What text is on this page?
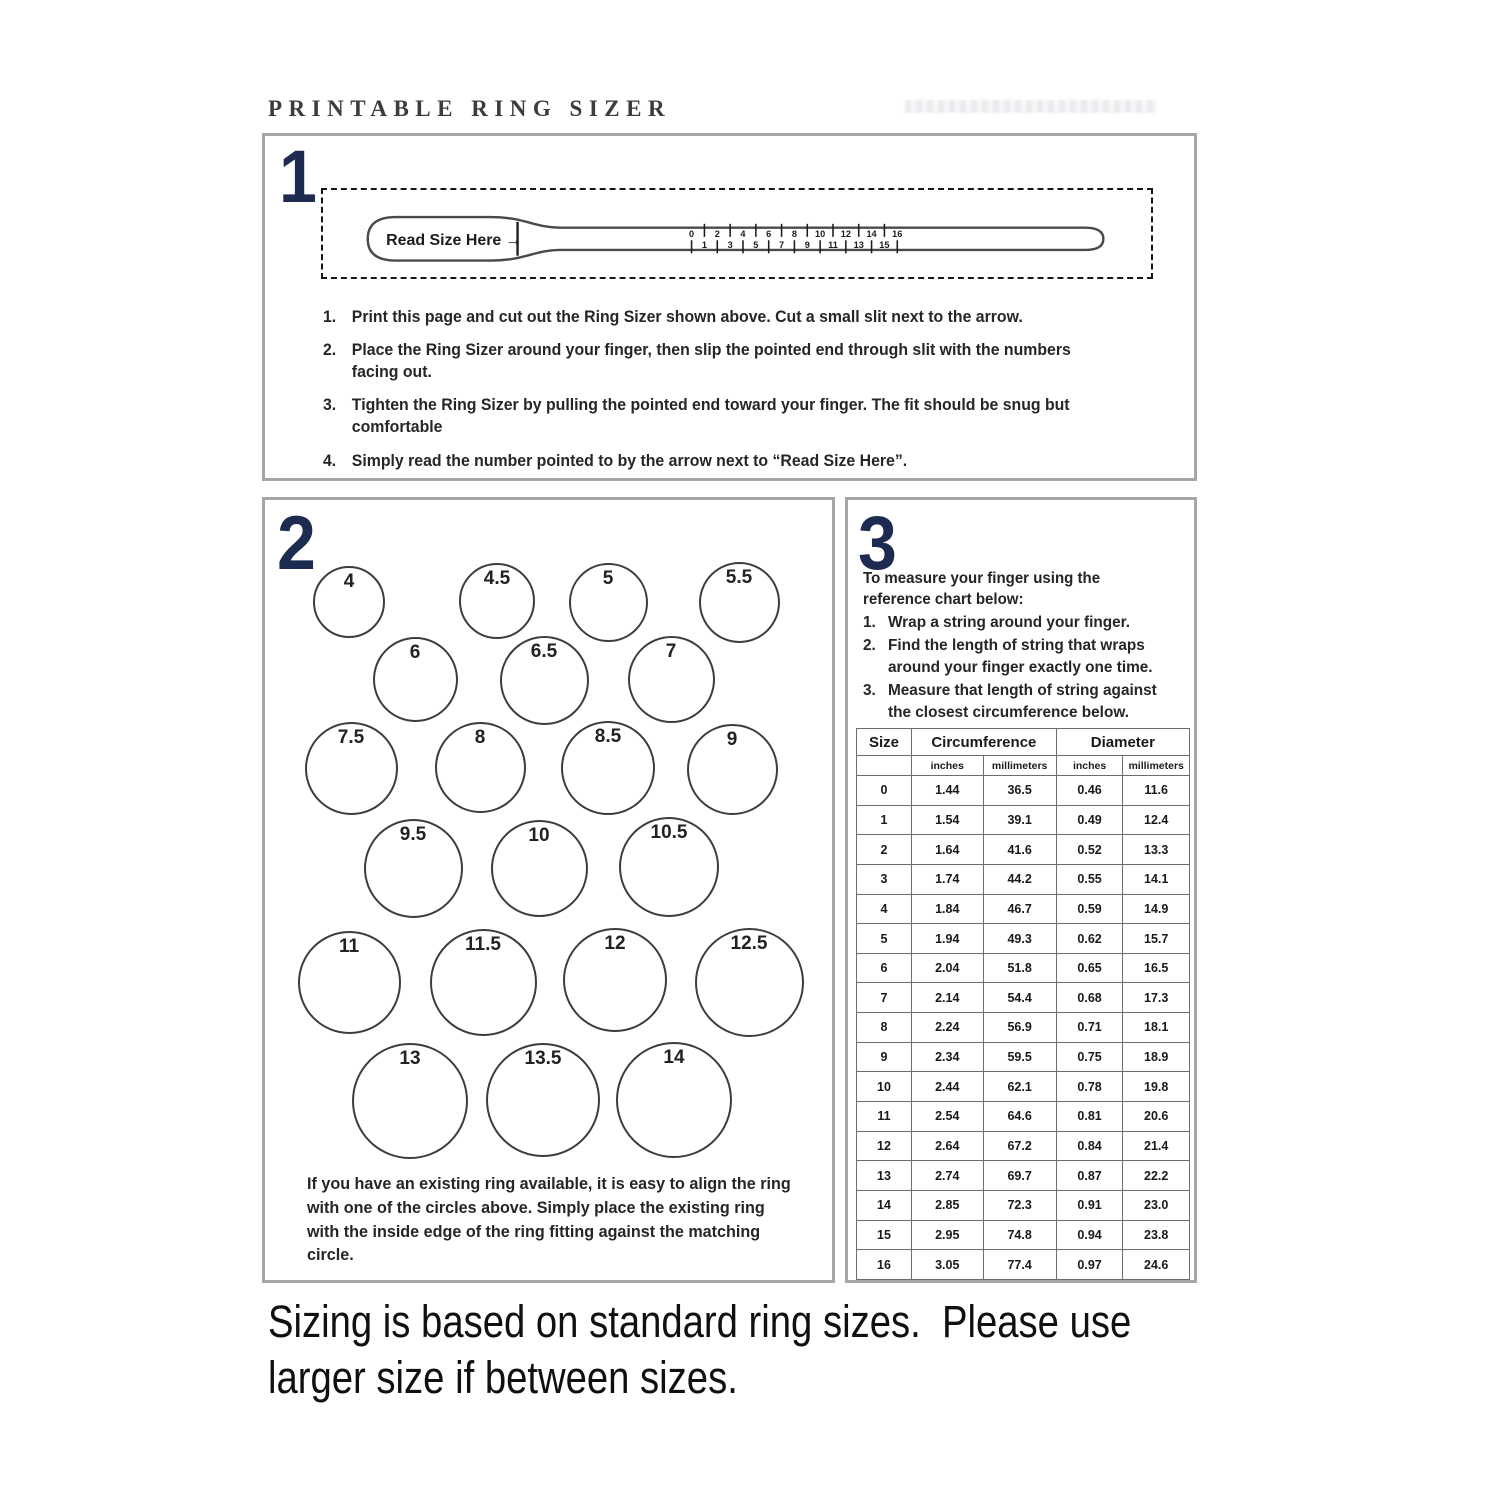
PRINTABLE RING SIZER
1
Read Size Here →	0
1
2
3
4
5
6
7
8
9
10
11
12
13
14
15
16
1. Print this page and cut out the Ring Sizer shown above. Cut a small slit next to the arrow.
2. Place the Ring Sizer around your finger, then slip the pointed end through slit with the numbers facing out.
3. Tighten the Ring Sizer by pulling the pointed end toward your finger. The fit should be snug but comfortable
4. Simply read the number pointed to by the arrow next to “Read Size Here”.
2	4	4.5	5	5.5
6	6.5	7
7.5	8	8.5	9
9.5	10	10.5
11	11.5	12	12.5
13	13.5	14
If you have an existing ring available, it is easy to align the ring with one of the circles above. Simply place the existing ring with the inside edge of the ring fitting against the matching circle.
3
To measure your finger using the reference chart below:
1. Wrap a string around your finger.
2. Find the length of string that wraps around your finger exactly one time.
3. Measure that length of string against the closest circumference below.
Size	Circumference		Diameter	
	inches	millimeters	inches	millimeters
0	1.44	36.5	0.46	11.6
1	1.54	39.1	0.49	12.4
2	1.64	41.6	0.52	13.3
3	1.74	44.2	0.55	14.1
4	1.84	46.7	0.59	14.9
5	1.94	49.3	0.62	15.7
6	2.04	51.8	0.65	16.5
7	2.14	54.4	0.68	17.3
8	2.24	56.9	0.71	18.1
9	2.34	59.5	0.75	18.9
10	2.44	62.1	0.78	19.8
11	2.54	64.6	0.81	20.6
12	2.64	67.2	0.84	21.4
13	2.74	69.7	0.87	22.2
14	2.85	72.3	0.91	23.0
15	2.95	74.8	0.94	23.8
16	3.05	77.4	0.97	24.6
Sizing is based on standard ring sizes.  Please use
larger size if between sizes.
